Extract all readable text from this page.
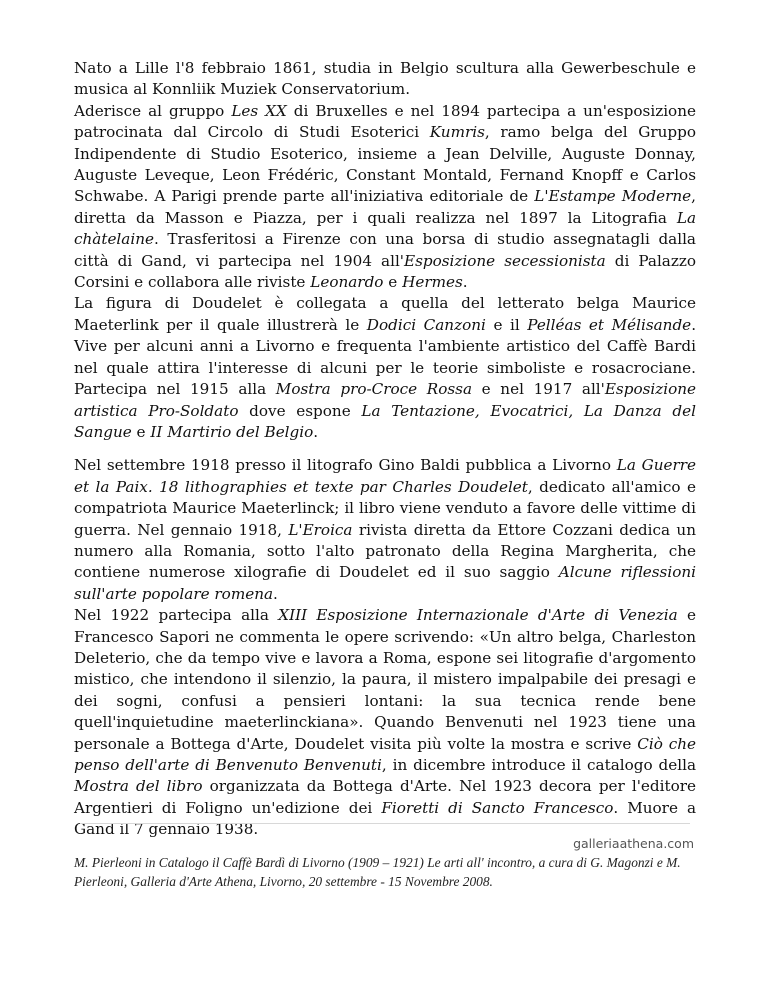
Nato a Lille l'8 febbraio 1861, studia in Belgio scultura alla Gewerbeschule e musica al Konnliik Muziek Conservatorium.
Aderisce al gruppo Les XX di Bruxelles e nel 1894 partecipa a un'esposizione patrocinata dal Circolo di Studi Esoterici Kumris, ramo belga del Gruppo Indipendente di Studio Esoterico, insieme a Jean Delville, Auguste Donnay, Auguste Leveque, Leon Frédéric, Constant Montald, Fernand Knopff e Carlos Schwabe. A Parigi prende parte all'iniziativa editoriale de L'Estampe Moderne, diretta da Masson e Piazza, per i quali realizza nel 1897 la Litografia La chàtelaine. Trasferitosi a Firenze con una borsa di studio assegnatagli dalla città di Gand, vi partecipa nel 1904 all'Esposizione secessionista di Palazzo Corsini e collabora alle riviste Leonardo e Hermes.
La figura di Doudelet è collegata a quella del letterato belga Maurice Maeterlink per il quale illustrerà le Dodici Canzoni e il Pelléas et Mélisande. Vive per alcuni anni a Livorno e frequenta l'ambiente artistico del Caffè Bardi nel quale attira l'interesse di alcuni per le teorie simboliste e rosacrociane. Partecipa nel 1915 alla Mostra pro-Croce Rossa e nel 1917 all'Esposizione artistica Pro-Soldato dove espone La Tentazione, Evocatrici, La Danza del Sangue e II Martirio del Belgio.

Nel settembre 1918 presso il litografo Gino Baldi pubblica a Livorno La Guerre et la Paix. 18 lithographies et texte par Charles Doudelet, dedicato all'amico e compatriota Maurice Maeterlinck; il libro viene venduto a favore delle vittime di guerra. Nel gennaio 1918, L'Eroica rivista diretta da Ettore Cozzani dedica un numero alla Romania, sotto l'alto patronato della Regina Margherita, che contiene numerose xilografie di Doudelet ed il suo saggio Alcune riflessioni sull'arte popolare romena.
Nel 1922 partecipa alla XIII Esposizione Internazionale d'Arte di Venezia e Francesco Sapori ne commenta le opere scrivendo: «Un altro belga, Charleston Deleterio, che da tempo vive e lavora a Roma, espone sei litografie d'argomento mistico, che intendono il silenzio, la paura, il mistero impalpabile dei presagi e dei sogni, confusi a pensieri lontani: la sua tecnica rende bene quell'inquietudine maeterlinckiana». Quando Benvenuti nel 1923 tiene una personale a Bottega d'Arte, Doudelet visita più volte la mostra e scrive Ciò che penso dell'arte di Benvenuto Benvenuti, in dicembre introduce il catalogo della Mostra del libro organizzata da Bottega d'Arte. Nel 1923 decora per l'editore Argentieri di Foligno un'edizione dei Fioretti di Sancto Francesco. Muore a Gand il 7 gennaio 1938.

M. Pierleoni in Catalogo il Caffè Bardì di Livorno (1909 – 1921) Le arti all' incontro, a cura di G. Magonzi e M. Pierleoni, Galleria d'Arte Athena, Livorno, 20 settembre - 15 Novembre 2008.

galleriaathena.com
